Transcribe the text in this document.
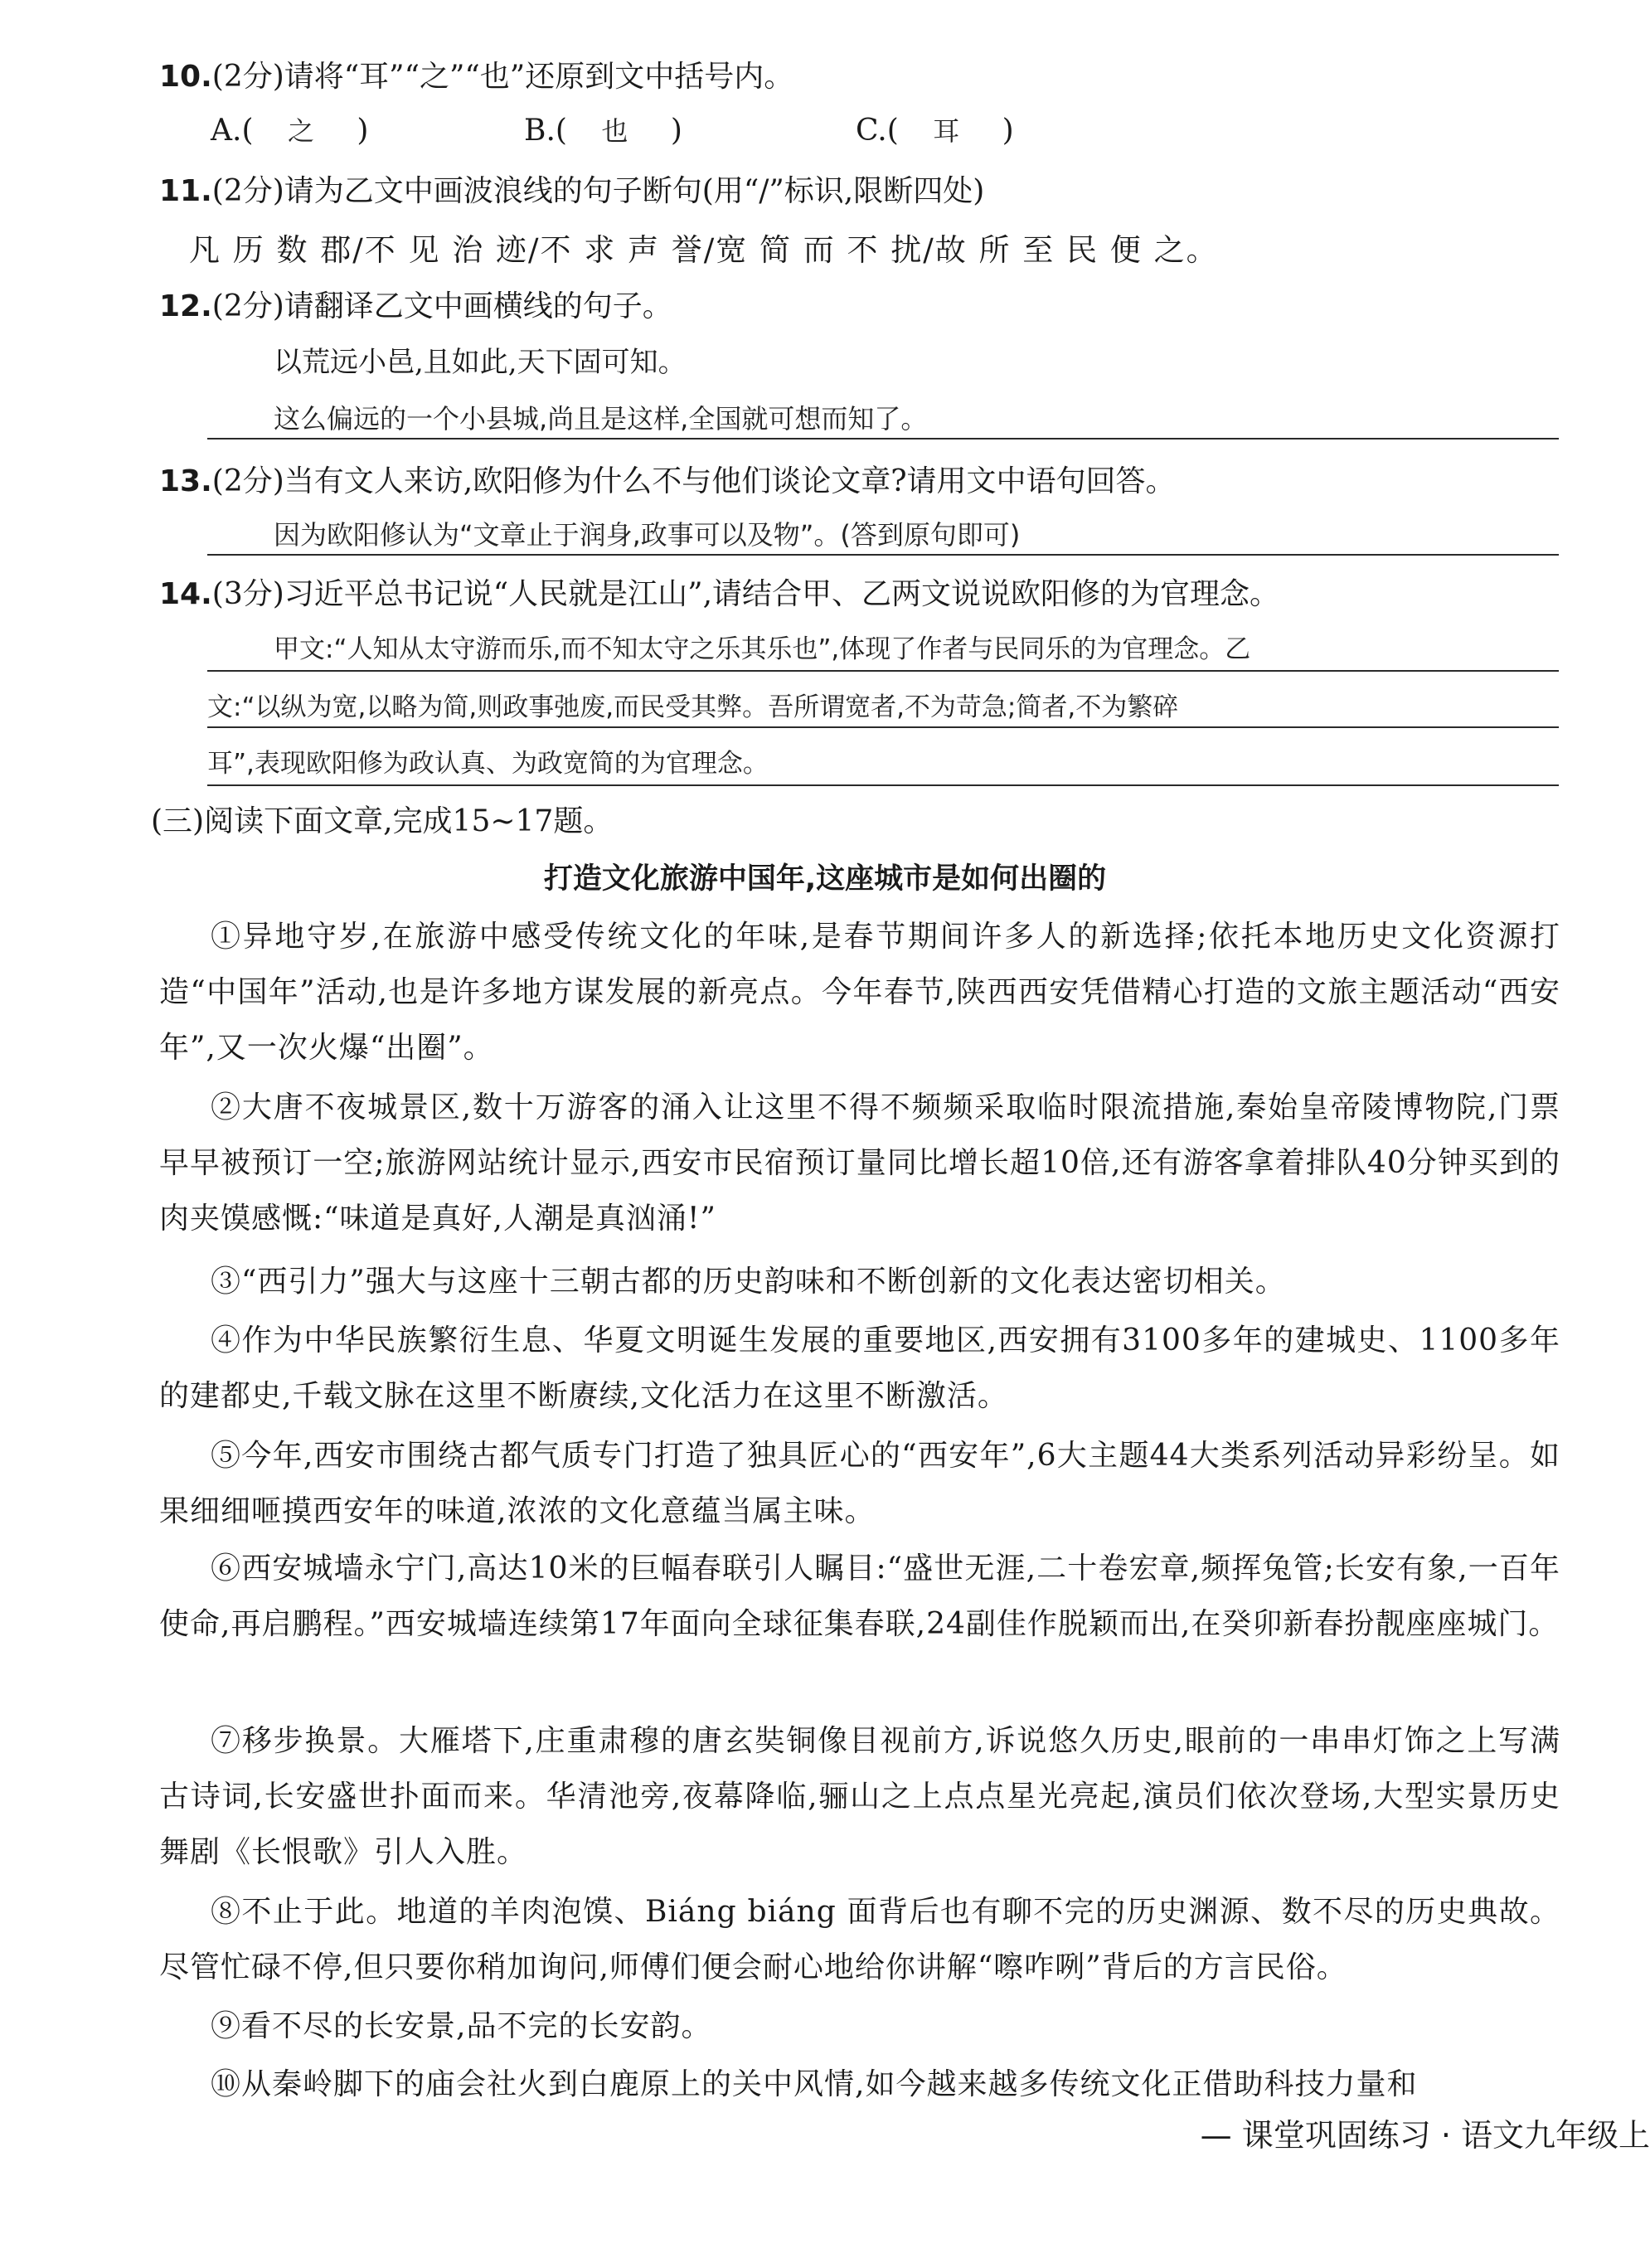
10.(2分)请将“耳”“之”“也”还原到文中括号内。
A.( 之 )	B.( 也 )	C.( 耳 )
11.(2分)请为乙文中画波浪线的句子断句(用“/”标识,限断四处)
凡 历 数 郡/不 见 治 迹/不 求 声 誉/宽 简 而 不 扰/故 所 至 民 便 之。
12.(2分)请翻译乙文中画横线的句子。
以荒远小邑,且如此,天下固可知。
这么偏远的一个小县城,尚且是这样,全国就可想而知了。
13.(2分)当有文人来访,欧阳修为什么不与他们谈论文章?请用文中语句回答。
因为欧阳修认为“文章止于润身,政事可以及物”。(答到原句即可)
14.(3分)习近平总书记说“人民就是江山”,请结合甲、乙两文说说欧阳修的为官理念。
甲文:“人知从太守游而乐,而不知太守之乐其乐也”,体现了作者与民同乐的为官理念。乙
文:“以纵为宽,以略为简,则政事弛废,而民受其弊。吾所谓宽者,不为苛急;简者,不为繁碎
耳”,表现欧阳修为政认真、为政宽简的为官理念。
(三)阅读下面文章,完成15~17题。
打造文化旅游中国年,这座城市是如何出圈的
①异地守岁,在旅游中感受传统文化的年味,是春节期间许多人的新选择;依托本地历史文化资源打造“中国年”活动,也是许多地方谋发展的新亮点。今年春节,陕西西安凭借精心打造的文旅主题活动“西安年”,又一次火爆“出圈”。
②大唐不夜城景区,数十万游客的涌入让这里不得不频频采取临时限流措施,秦始皇帝陵博物院,门票早早被预订一空;旅游网站统计显示,西安市民宿预订量同比增长超10倍,还有游客拿着排队40分钟买到的肉夹馍感慨:“味道是真好,人潮是真汹涌!”
③“西引力”强大与这座十三朝古都的历史韵味和不断创新的文化表达密切相关。
④作为中华民族繁衍生息、华夏文明诞生发展的重要地区,西安拥有3100多年的建城史、1100多年的建都史,千载文脉在这里不断赓续,文化活力在这里不断激活。
⑤今年,西安市围绕古都气质专门打造了独具匠心的“西安年”,6大主题44大类系列活动异彩纷呈。如果细细咂摸西安年的味道,浓浓的文化意蕴当属主味。
⑥西安城墙永宁门,高达10米的巨幅春联引人瞩目:“盛世无涯,二十卷宏章,频挥兔管;长安有象,一百年使命,再启鹏程。”西安城墙连续第17年面向全球征集春联,24副佳作脱颖而出,在癸卯新春扮靓座座城门。
⑦移步换景。大雁塔下,庄重肃穆的唐玄奘铜像目视前方,诉说悠久历史,眼前的一串串灯饰之上写满古诗词,长安盛世扑面而来。华清池旁,夜幕降临,骊山之上点点星光亮起,演员们依次登场,大型实景历史舞剧《长恨歌》引人入胜。
⑧不止于此。地道的羊肉泡馍、Biáng biáng 面背后也有聊不完的历史渊源、数不尽的历史典故。尽管忙碌不停,但只要你稍加询问,师傅们便会耐心地给你讲解“嚓咋咧”背后的方言民俗。
⑨看不尽的长安景,品不完的长安韵。
⑩从秦岭脚下的庙会社火到白鹿原上的关中风情,如今越来越多传统文化正借助科技力量和
— 课堂巩固练习 · 语文九年级上
